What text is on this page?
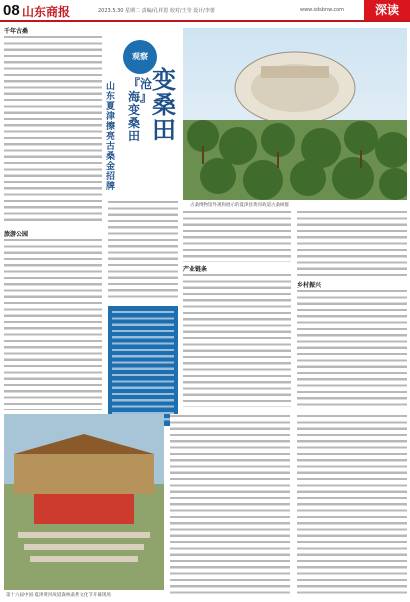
08 山东商报	2023.5.30 星期二 责编/孔祥恩 校对/王莹 设计/李蕾	www.sdsbnw.com	深读
千年古桑
旅游公园
观察
山东夏津擦亮古桑金招牌
『沧海』变桑田
变桑田
古桑博物馆外观和展示的夏津县黄河故道古桑树群
产业链条
乡村振兴
第十六届中国·夏津黄河故道森林桑葚文化节开幕现场
